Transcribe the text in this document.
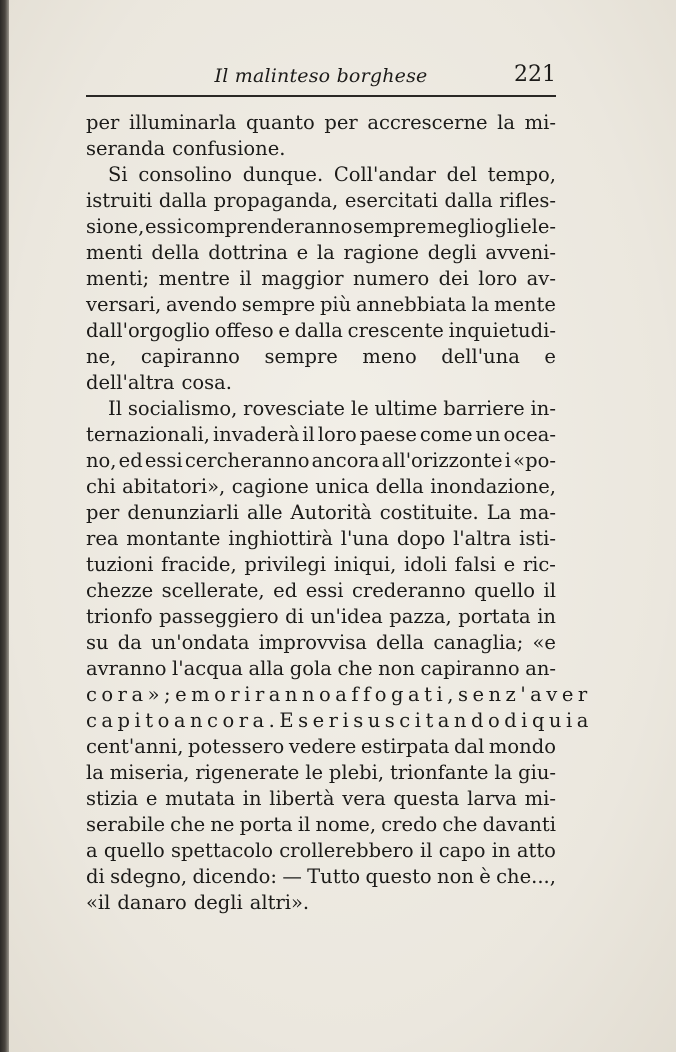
Il malinteso borghese	221
per illuminarla quanto per accrescerne la mi-
seranda confusione.
Si consolino dunque. Coll'andar del tempo,
istruiti dalla propaganda, esercitati dalla rifles-
sione, essi comprenderanno sempre meglio gli ele-
menti della dottrina e la ragione degli avveni-
menti; mentre il maggior numero dei loro av-
versari, avendo sempre più annebbiata la mente
dall'orgoglio offeso e dalla crescente inquietudi-
ne, capiranno sempre meno dell'una e
dell'altra cosa.
Il socialismo, rovesciate le ultime barriere in-
ternazionali, invaderà il loro paese come un ocea-
no, ed essi cercheranno ancora all'orizzonte i «po-
chi abitatori», cagione unica della inondazione,
per denunziarli alle Autorità costituite. La ma-
rea montante inghiottirà l'una dopo l'altra isti-
tuzioni fracide, privilegi iniqui, idoli falsi e ric-
chezze scellerate, ed essi crederanno quello il
trionfo passeggiero di un'idea pazza, portata in
su da un'ondata improvvisa della canaglia; «e
avranno l'acqua alla gola che non capiranno an-
cora»; e moriranno affogati, senz'aver
capito ancora. E se risuscitando di qui a
cent'anni, potessero vedere estirpata dal mondo
la miseria, rigenerate le plebi, trionfante la giu-
stizia e mutata in libertà vera questa larva mi-
serabile che ne porta il nome, credo che davanti
a quello spettacolo crollerebbero il capo in atto
di sdegno, dicendo: — Tutto questo non è che...,
«il danaro degli altri».
